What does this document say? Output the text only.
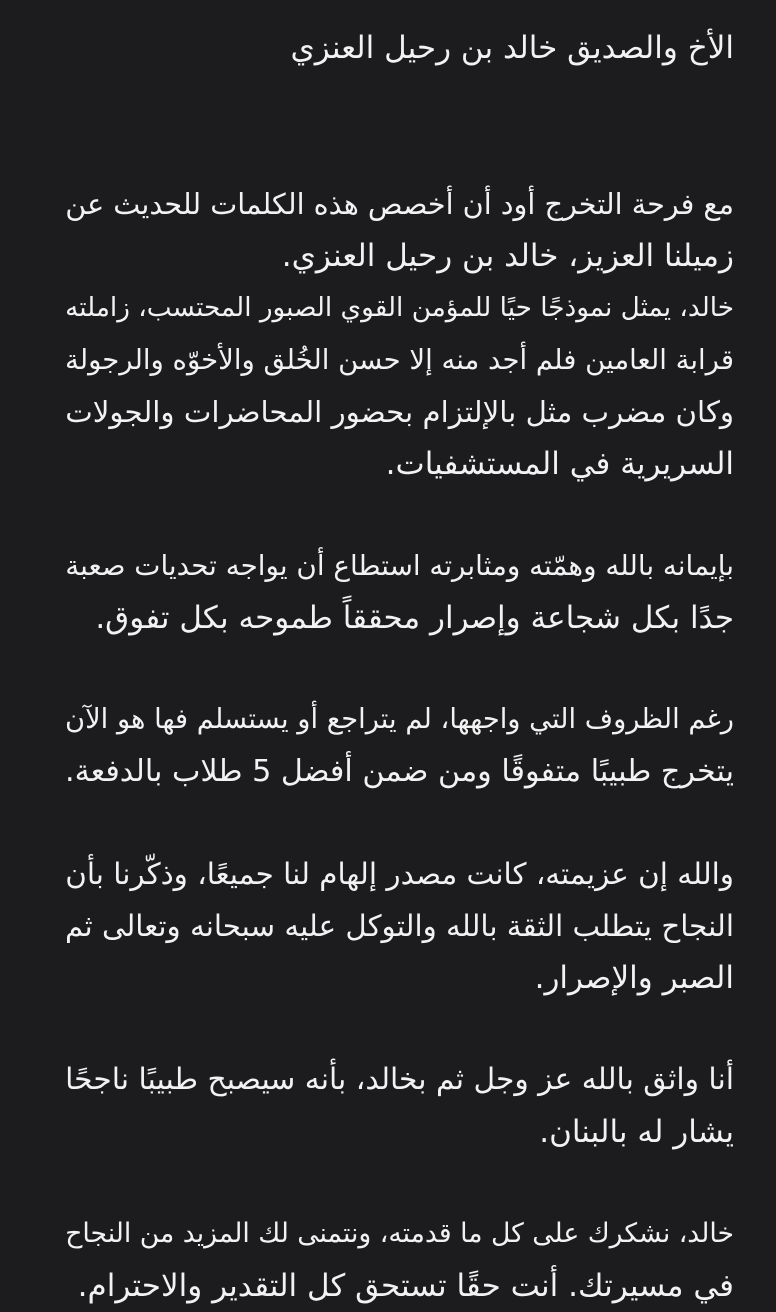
الأخ والصديق خالد بن رحيل العنزي
مع فرحة التخرج أود أن أخصص هذه الكلمات للحديث عن
زميلنا العزيز، خالد بن رحيل العنزي.
خالد، يمثل نموذجًا حيًا للمؤمن القوي الصبور المحتسب، زاملته
قرابة العامين فلم أجد منه إلا حسن الخُلق والأخوّه والرجولة
وكان مضرب مثل بالإلتزام بحضور المحاضرات والجولات
السريرية في المستشفيات.
بإيمانه بالله وهمّته ومثابرته استطاع أن يواجه تحديات صعبة
جدًا بكل شجاعة وإصرار محققاً طموحه بكل تفوق.
رغم الظروف التي واجهها، لم يتراجع أو يستسلم فها هو الآن
يتخرج طبيبًا متفوقًا ومن ضمن أفضل 5 طلاب بالدفعة.
والله إن عزيمته، كانت مصدر إلهام لنا جميعًا، وذكّرنا بأن
النجاح يتطلب الثقة بالله والتوكل عليه سبحانه وتعالى ثم
الصبر والإصرار.
أنا واثق بالله عز وجل ثم بخالد، بأنه سيصبح طبيبًا ناجحًا
يشار له بالبنان.
خالد، نشكرك على كل ما قدمته، ونتمنى لك المزيد من النجاح
في مسيرتك. أنت حقًا تستحق كل التقدير والاحترام.
